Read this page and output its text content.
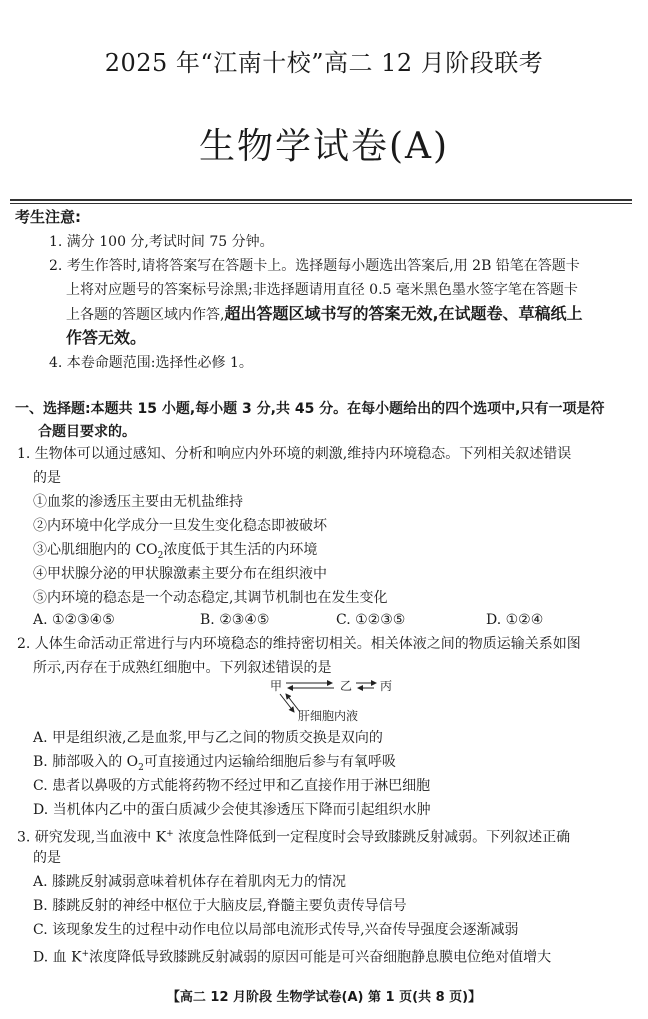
2025 年“江南十校”高二 12 月阶段联考
生物学试卷(A)
考生注意:
1. 满分 100 分,考试时间 75 分钟。
2. 考生作答时,请将答案写在答题卡上。选择题每小题选出答案后,用 2B 铅笔在答题卡
上将对应题号的答案标号涂黑;非选择题请用直径 0.5 毫米黑色墨水签字笔在答题卡
上各题的答题区域内作答,超出答题区域书写的答案无效,在试题卷、草稿纸上
作答无效。
4. 本卷命题范围:选择性必修 1。
一、选择题:本题共 15 小题,每小题 3 分,共 45 分。在每小题给出的四个选项中,只有一项是符
合题目要求的。
1. 生物体可以通过感知、分析和响应内外环境的刺激,维持内环境稳态。下列相关叙述错误
的是
①血浆的渗透压主要由无机盐维持
②内环境中化学成分一旦发生变化稳态即被破坏
③心肌细胞内的 $CO_2$浓度低于其生活的内环境
④甲状腺分泌的甲状腺激素主要分布在组织液中
⑤内环境的稳态是一个动态稳定,其调节机制也在发生变化
A. ①②③④⑤	B. ②③④⑤	C. ①②③⑤	D. ①②④
2. 人体生命活动正常进行与内环境稳态的维持密切相关。相关体液之间的物质运输关系如图
所示,丙存在于成熟红细胞中。下列叙述错误的是
甲	乙 丙
肝细胞内液
A. 甲是组织液,乙是血浆,甲与乙之间的物质交换是双向的
B. 肺部吸入的 $O_2$可直接通过内运输给细胞后参与有氧呼吸
C. 患者以鼻吸的方式能将药物不经过甲和乙直接作用于淋巴细胞
D. 当机体内乙中的蛋白质减少会使其渗透压下降而引起组织水肿
3. 研究发现,当血液中 K+ 浓度急性降低到一定程度时会导致膝跳反射减弱。下列叙述正确
的是
A. 膝跳反射减弱意味着机体存在着肌肉无力的情况
B. 膝跳反射的神经中枢位于大脑皮层,脊髓主要负责传导信号
C. 该现象发生的过程中动作电位以局部电流形式传导,兴奋传导强度会逐渐减弱
D. 血 K+浓度降低导致膝跳反射减弱的原因可能是可兴奋细胞静息膜电位绝对值增大
【高二 12 月阶段 生物学试卷(A) 第 1 页(共 8 页)】
